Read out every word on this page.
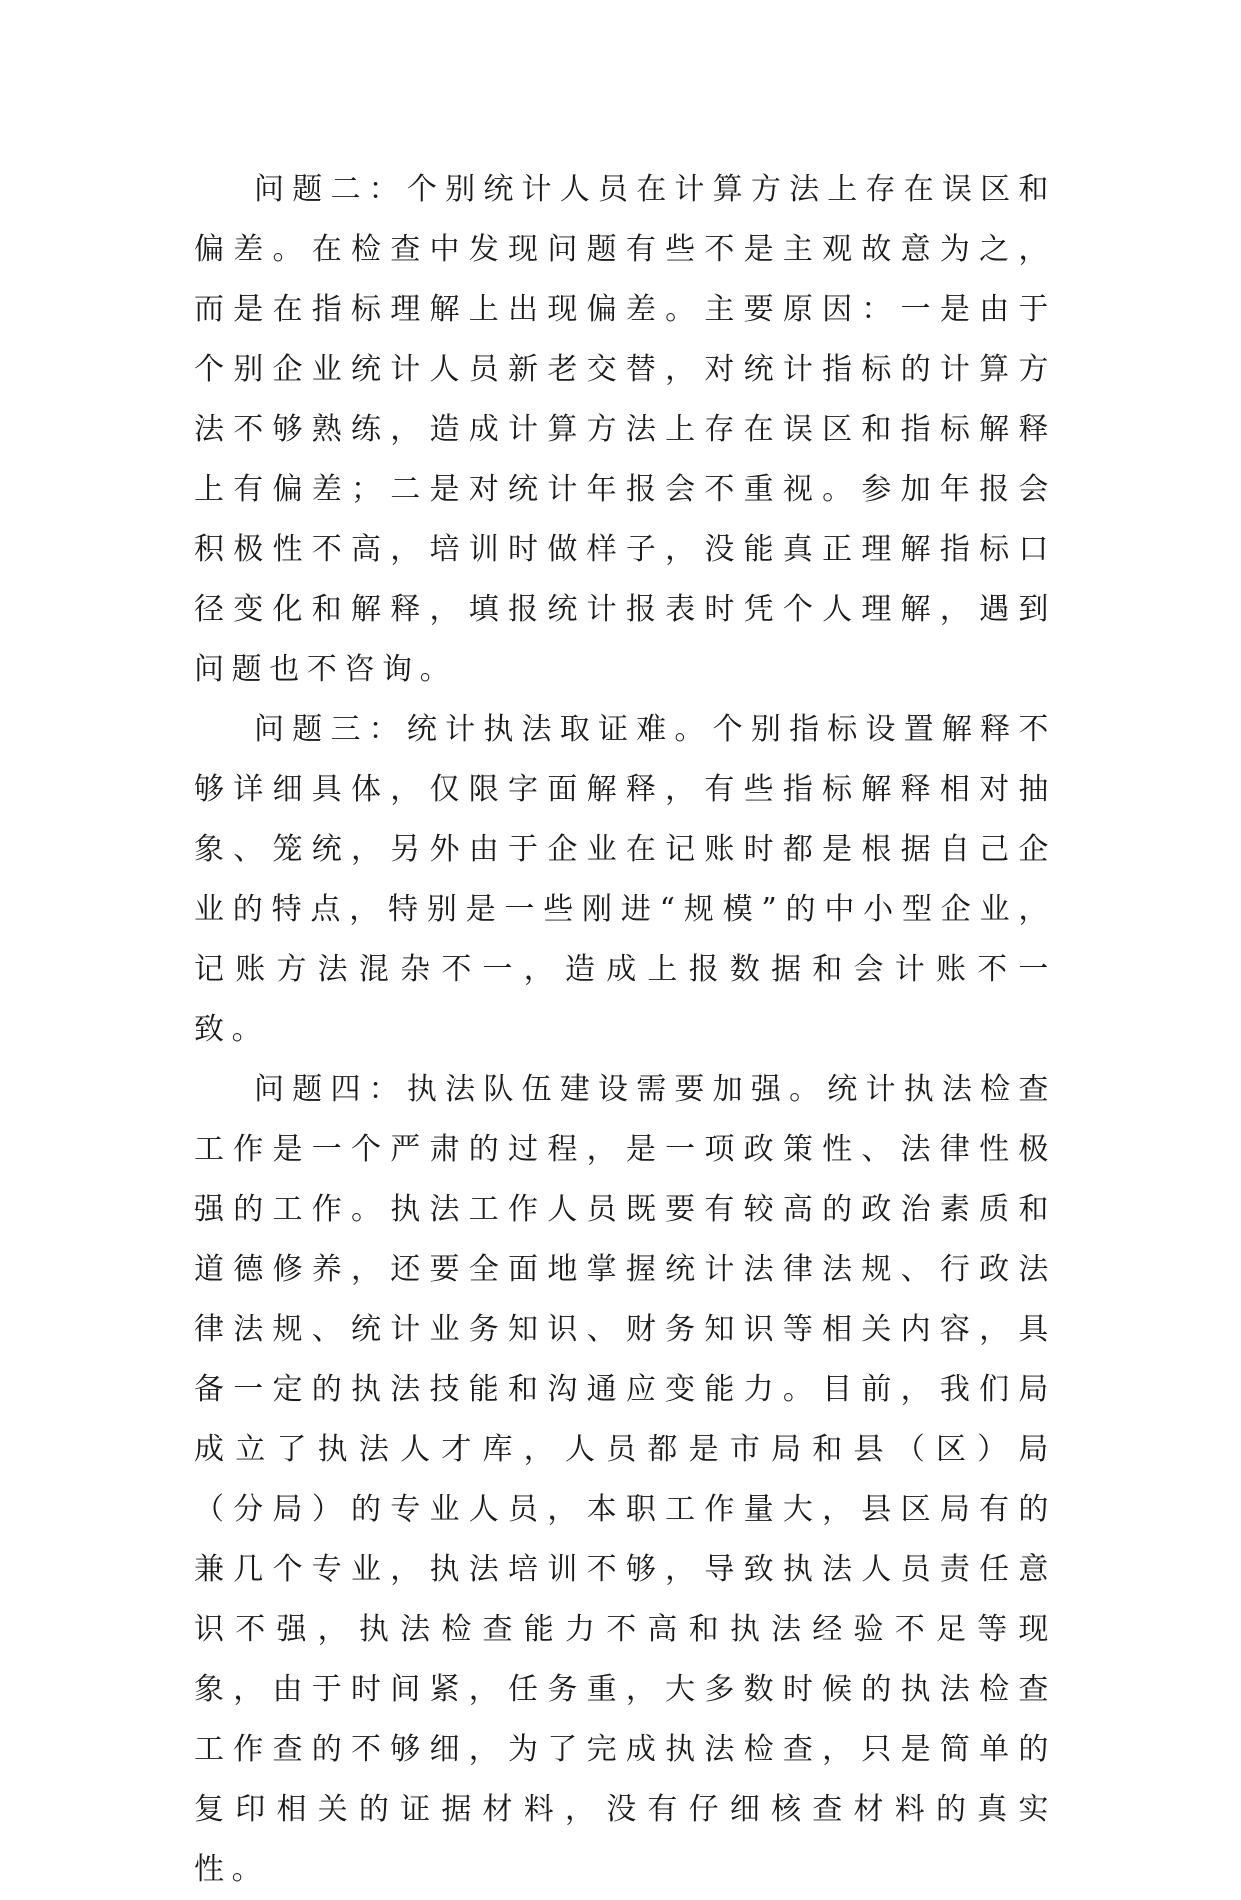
问题二：个别统计人员在计算方法上存在误区和偏差。在检查中发现问题有些不是主观故意为之，而是在指标理解上出现偏差。主要原因：一是由于个别企业统计人员新老交替，对统计指标的计算方法不够熟练，造成计算方法上存在误区和指标解释上有偏差；二是对统计年报会不重视。参加年报会积极性不高，培训时做样子，没能真正理解指标口径变化和解释，填报统计报表时凭个人理解，遇到问题也不咨询。

问题三：统计执法取证难。个别指标设置解释不够详细具体，仅限字面解释，有些指标解释相对抽象、笼统，另外由于企业在记账时都是根据自己企业的特点，特别是一些刚进“规模”的中小型企业，记账方法混杂不一，造成上报数据和会计账不一致。

问题四：执法队伍建设需要加强。统计执法检查工作是一个严肃的过程，是一项政策性、法律性极强的工作。执法工作人员既要有较高的政治素质和道德修养，还要全面地掌握统计法律法规、行政法律法规、统计业务知识、财务知识等相关内容，具备一定的执法技能和沟通应变能力。目前，我们局成立了执法人才库，人员都是市局和县（区）局（分局）的专业人员，本职工作量大，县区局有的兼几个专业，执法培训不够，导致执法人员责任意识不强，执法检查能力不高和执法经验不足等现象，由于时间紧，任务重，大多数时候的执法检查工作查的不够细，为了完成执法检查，只是简单的复印相关的证据材料，没有仔细核查材料的真实性。
